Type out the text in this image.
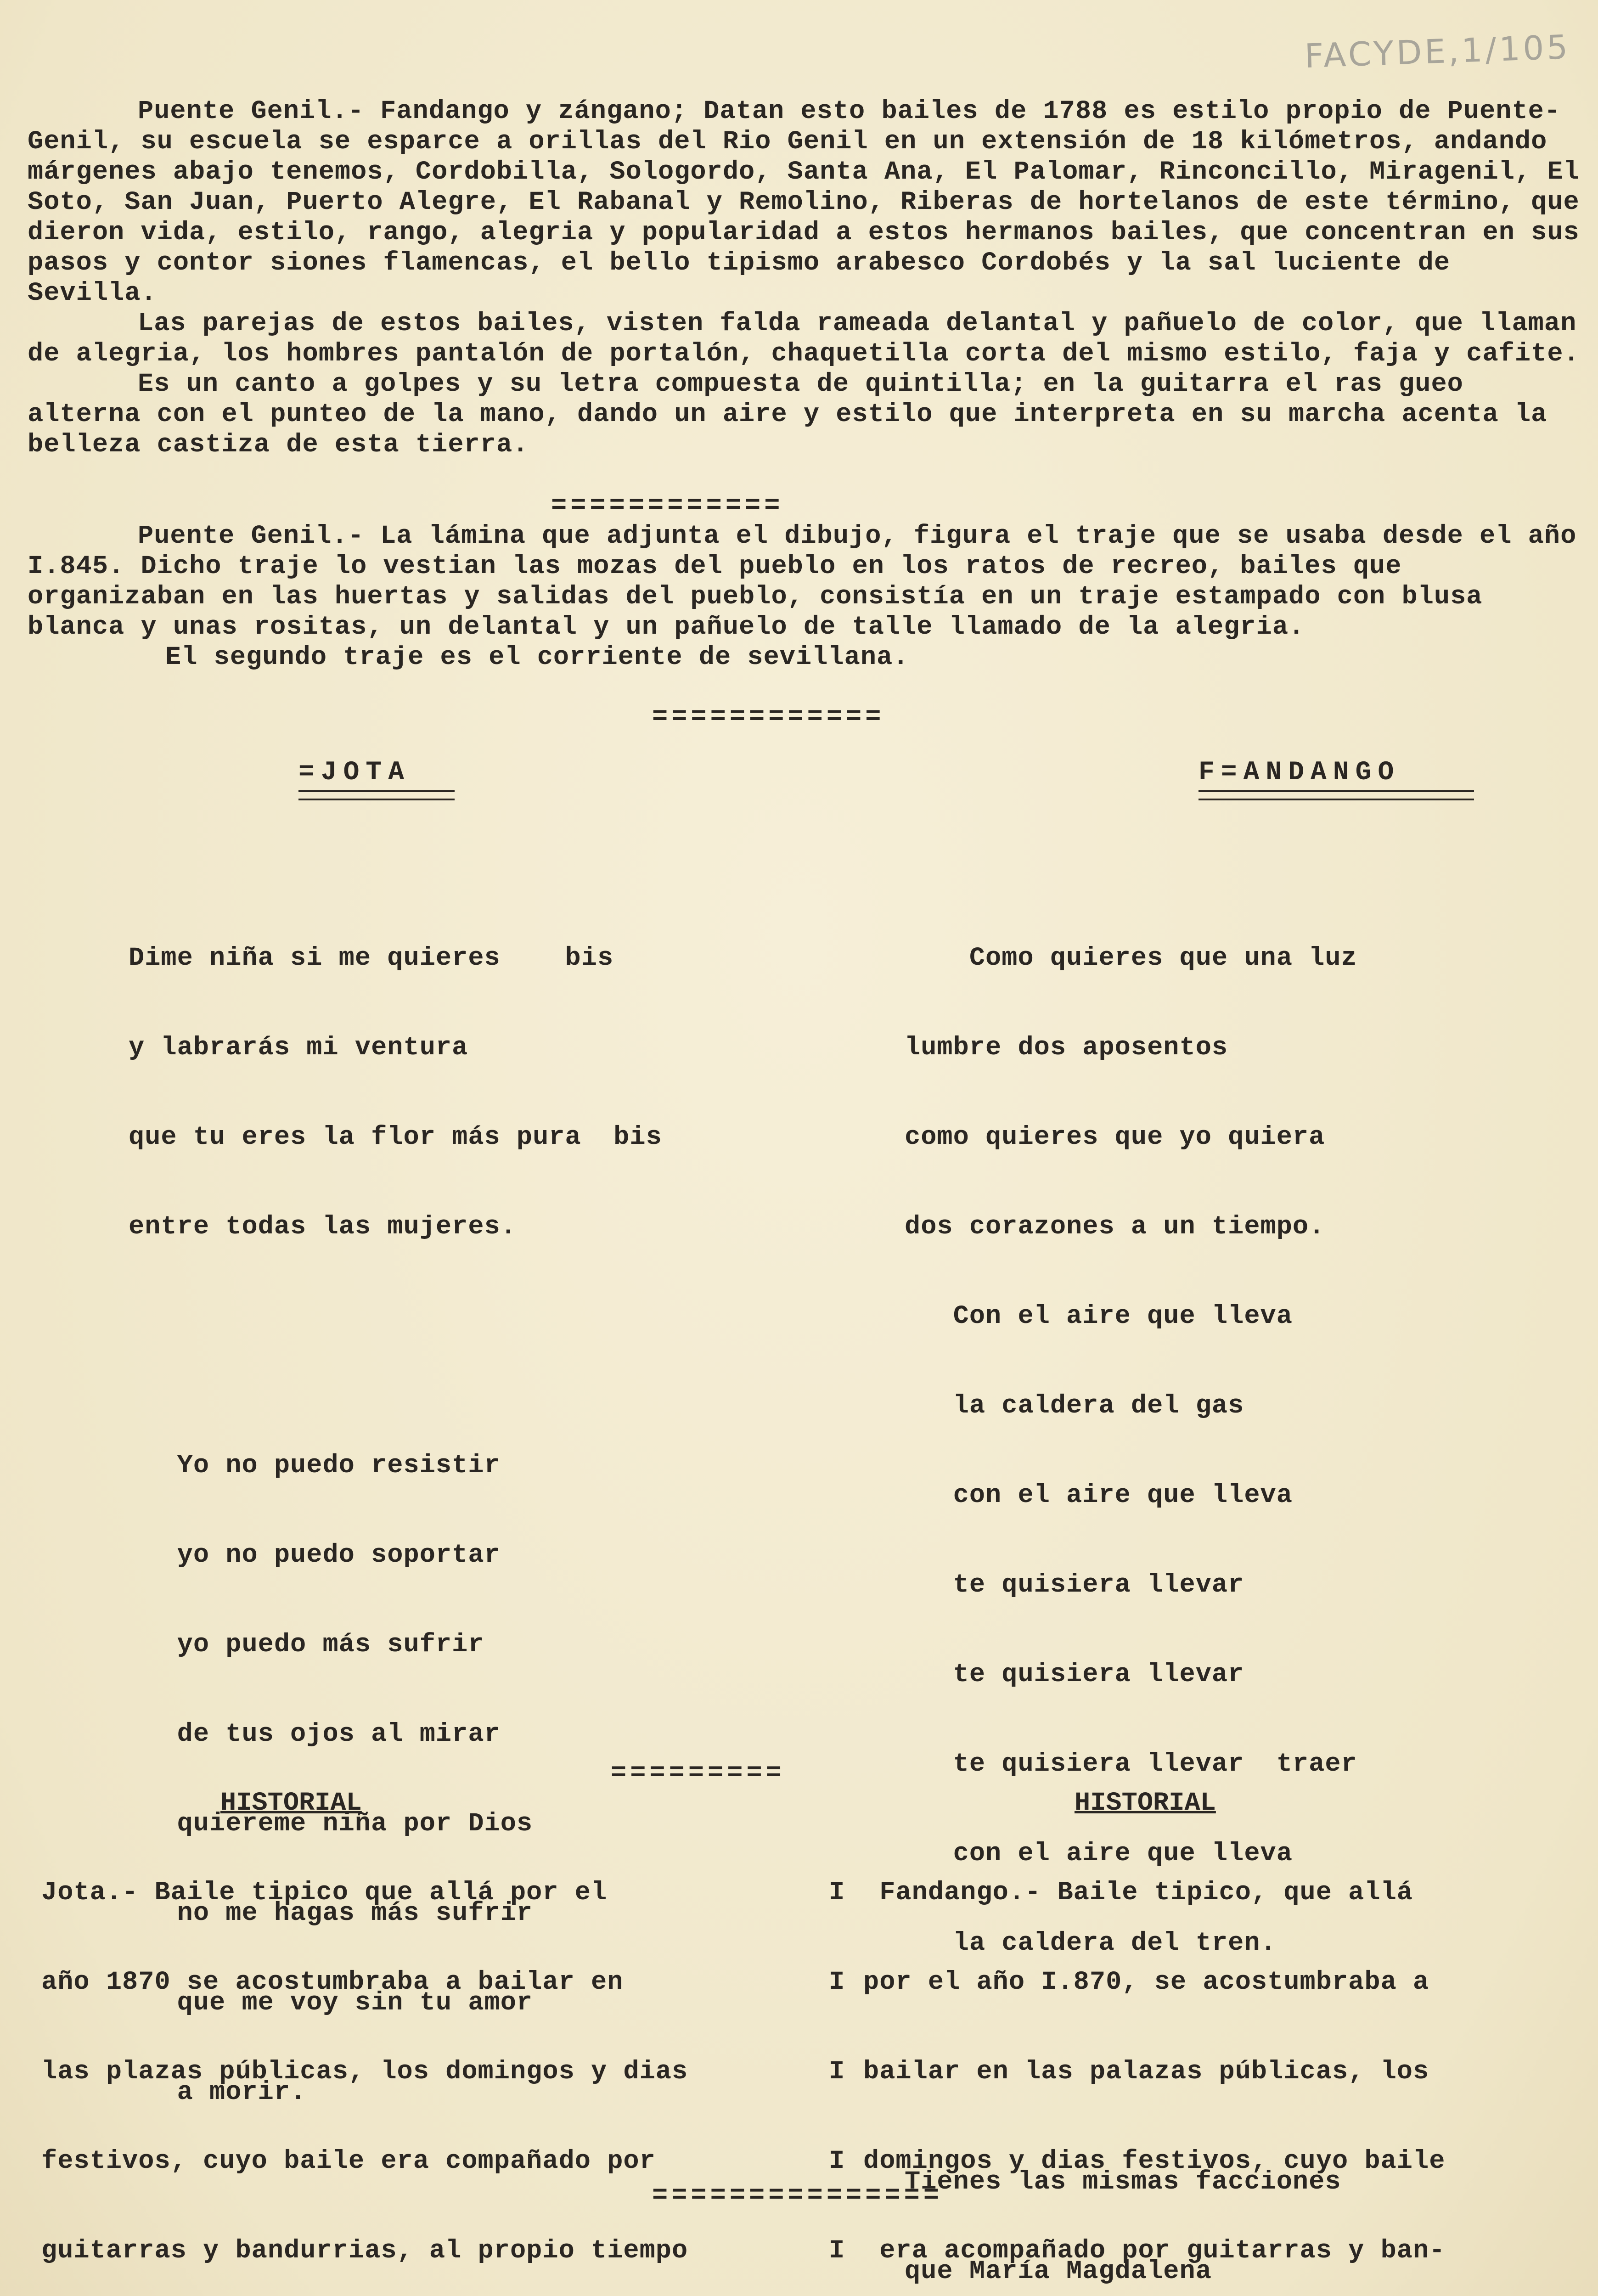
FACYDE,1/105

Puente Genil.- Fandango y zángano; Datan esto bailes de 1788 es estilo propio de Puente-Genil, su escuela se esparce a orillas del Rio Genil en un extensión de 18 kilómetros, andando márgenes abajo tenemos, Cordobilla, Sologordo, Santa Ana, El Palomar, Rinconcillo, Miragenil, El Soto, San Juan, Puerto Alegre, El Rabanal y Remolino, Riberas de hortelanos de este término, que dieron vida, estilo, rango, alegria y popularidad a estos hermanos bailes, que concentran en sus pasos y contor siones flamencas, el bello tipismo arabesco Cordobés y la sal luciente de Sevilla.

Las parejas de estos bailes, visten falda rameada delantal y pañuelo de color, que llaman de alegria, los hombres pantalón de portalón, chaquetilla corta del mismo estilo, faja y cafite.

Es un canto a golpes y su letra compuesta de quintilla; en la guitarra el ras gueo alterna con el punteo de la mano, dando un aire y estilo que interpreta en su marcha acenta la belleza castiza de esta tierra.

============

Puente Genil.- La lámina que adjunta el dibujo, figura el traje que se usaba desde el año I.845. Dicho traje lo vestian las mozas del pueblo en los ratos de recreo, bailes que organizaban en las huertas y salidas del pueblo, consistía en un traje estampado con blusa blanca y unas rositas, un delantal y un pañuelo de talle llamado de la alegria.

El segundo traje es el corriente de sevillana.

============
=JOTA	F=ANDANGO

Dime niña si me quieres    bis

y labrarás mi ventura

que tu eres la flor más pura  bis

entre todas las mujeres.

Yo no puedo resistir

yo no puedo soportar

yo puedo más sufrir

de tus ojos al mirar

quiereme niña por Dios

no me hagas más sufrir

que me voy sin tu amor

a morir.

Como quieres que una luz

lumbre dos aposentos

como quieres que yo quiera

dos corazones a un tiempo.

Con el aire que lleva

la caldera del gas

con el aire que lleva

te quisiera llevar

te quisiera llevar

te quisiera llevar  traer

con el aire que lleva

la caldera del tren.

Tienes las mismas facciones

que María Magdalena

=========
HISTORIAL	HISTORIAL

Jota.- Baile tipico que allá por el

año 1870 se acostumbraba a bailar en

las plazas públicas, los domingos y dias

festivos, cuyo baile era compañado por

guitarras y bandurrias, al propio tiempo

I

I

I

I

I

Fandango.- Baile tipico, que allá

por el año I.870, se acostumbraba a

bailar en las palazas públicas, los

domingos y dias festivos, cuyo baile

era acompañado por guitarras y ban-

===============
